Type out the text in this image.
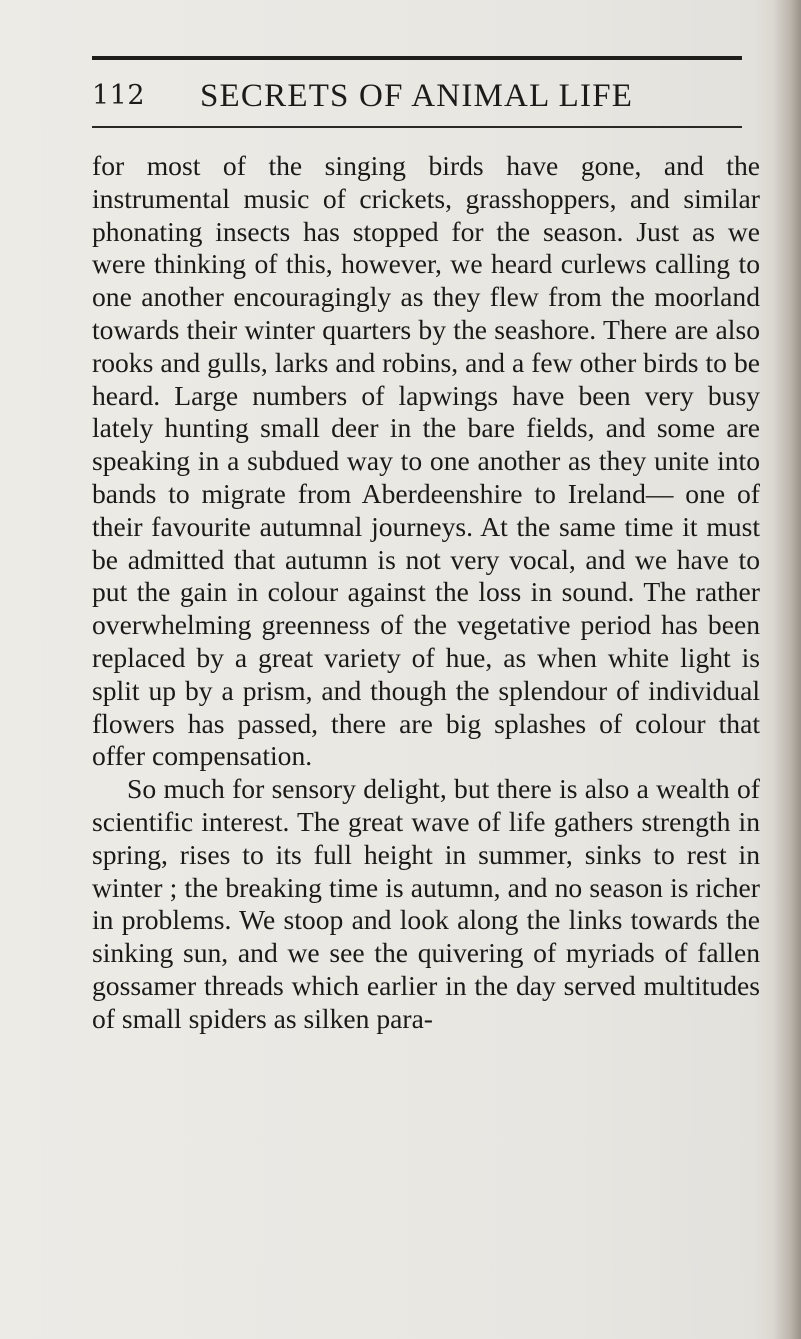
112 SECRETS OF ANIMAL LIFE

for most of the singing birds have gone, and the instrumental music of crickets, grasshoppers, and similar phonating insects has stopped for the season. Just as we were thinking of this, however, we heard curlews calling to one another encouragingly as they flew from the moorland towards their winter quarters by the seashore. There are also rooks and gulls, larks and robins, and a few other birds to be heard. Large numbers of lapwings have been very busy lately hunting small deer in the bare fields, and some are speaking in a subdued way to one another as they unite into bands to migrate from Aberdeenshire to Ireland— one of their favourite autumnal journeys. At the same time it must be admitted that autumn is not very vocal, and we have to put the gain in colour against the loss in sound. The rather overwhelming greenness of the vegetative period has been replaced by a great variety of hue, as when white light is split up by a prism, and though the splendour of individual flowers has passed, there are big splashes of colour that offer compensation.

So much for sensory delight, but there is also a wealth of scientific interest. The great wave of life gathers strength in spring, rises to its full height in summer, sinks to rest in winter ; the breaking time is autumn, and no season is richer in problems. We stoop and look along the links towards the sinking sun, and we see the quivering of myriads of fallen gossamer threads which earlier in the day served multitudes of small spiders as silken para-
